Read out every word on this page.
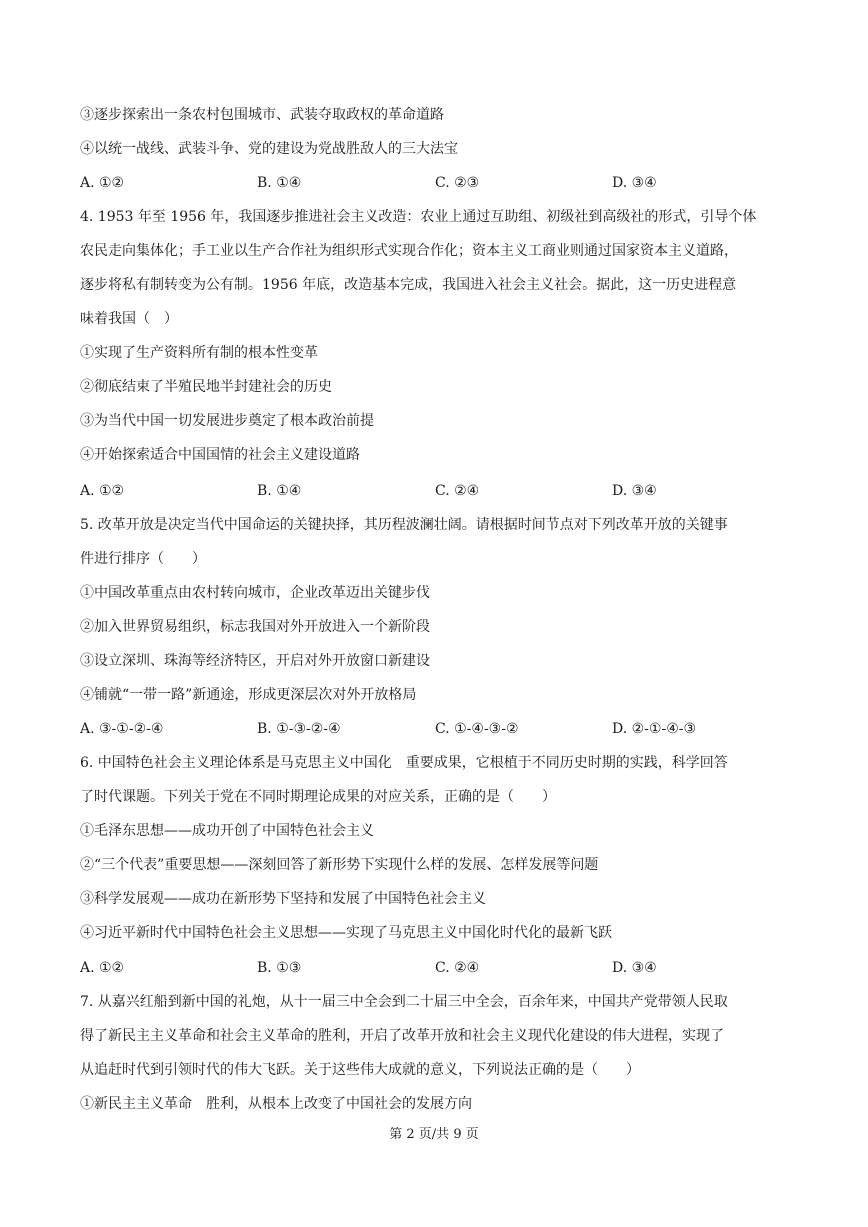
③逐步探索出一条农村包围城市、武装夺取政权的革命道路
④以统一战线、武装斗争、党的建设为党战胜敌人的三大法宝
A. ①②	B. ①④	C. ②③	D. ③④
4. 1953 年至 1956 年，我国逐步推进社会主义改造：农业上通过互助组、初级社到高级社的形式，引导个体
农民走向集体化；手工业以生产合作社为组织形式实现合作化；资本主义工商业则通过国家资本主义道路，
逐步将私有制转变为公有制。1956 年底，改造基本完成，我国进入社会主义社会。据此，这一历史进程意
味着我国（　）
①实现了生产资料所有制的根本性变革
②彻底结束了半殖民地半封建社会的历史
③为当代中国一切发展进步奠定了根本政治前提
④开始探索适合中国国情的社会主义建设道路
A. ①②	B. ①④	C. ②④	D. ③④
5. 改革开放是决定当代中国命运的关键抉择，其历程波澜壮阔。请根据时间节点对下列改革开放的关键事
件进行排序（　　）
①中国改革重点由农村转向城市，企业改革迈出关键步伐
②加入世界贸易组织，标志我国对外开放进入一个新阶段
③设立深圳、珠海等经济特区，开启对外开放窗口新建设
④铺就“一带一路”新通途，形成更深层次对外开放格局
A. ③-①-②-④	B. ①-③-②-④	C. ①-④-③-②	D. ②-①-④-③
6. 中国特色社会主义理论体系是马克思主义中国化　重要成果，它根植于不同历史时期的实践，科学回答
了时代课题。下列关于党在不同时期理论成果的对应关系，正确的是（　　）
①毛泽东思想——成功开创了中国特色社会主义
②“三个代表”重要思想——深刻回答了新形势下实现什么样的发展、怎样发展等问题
③科学发展观——成功在新形势下坚持和发展了中国特色社会主义
④习近平新时代中国特色社会主义思想——实现了马克思主义中国化时代化的最新飞跃
A. ①②	B. ①③	C. ②④	D. ③④
7. 从嘉兴红船到新中国的礼炮，从十一届三中全会到二十届三中全会，百余年来，中国共产党带领人民取
得了新民主主义革命和社会主义革命的胜利，开启了改革开放和社会主义现代化建设的伟大进程，实现了
从追赶时代到引领时代的伟大飞跃。关于这些伟大成就的意义，下列说法正确的是（　　）
①新民主主义革命　胜利，从根本上改变了中国社会的发展方向
第 2 页/共 9 页
